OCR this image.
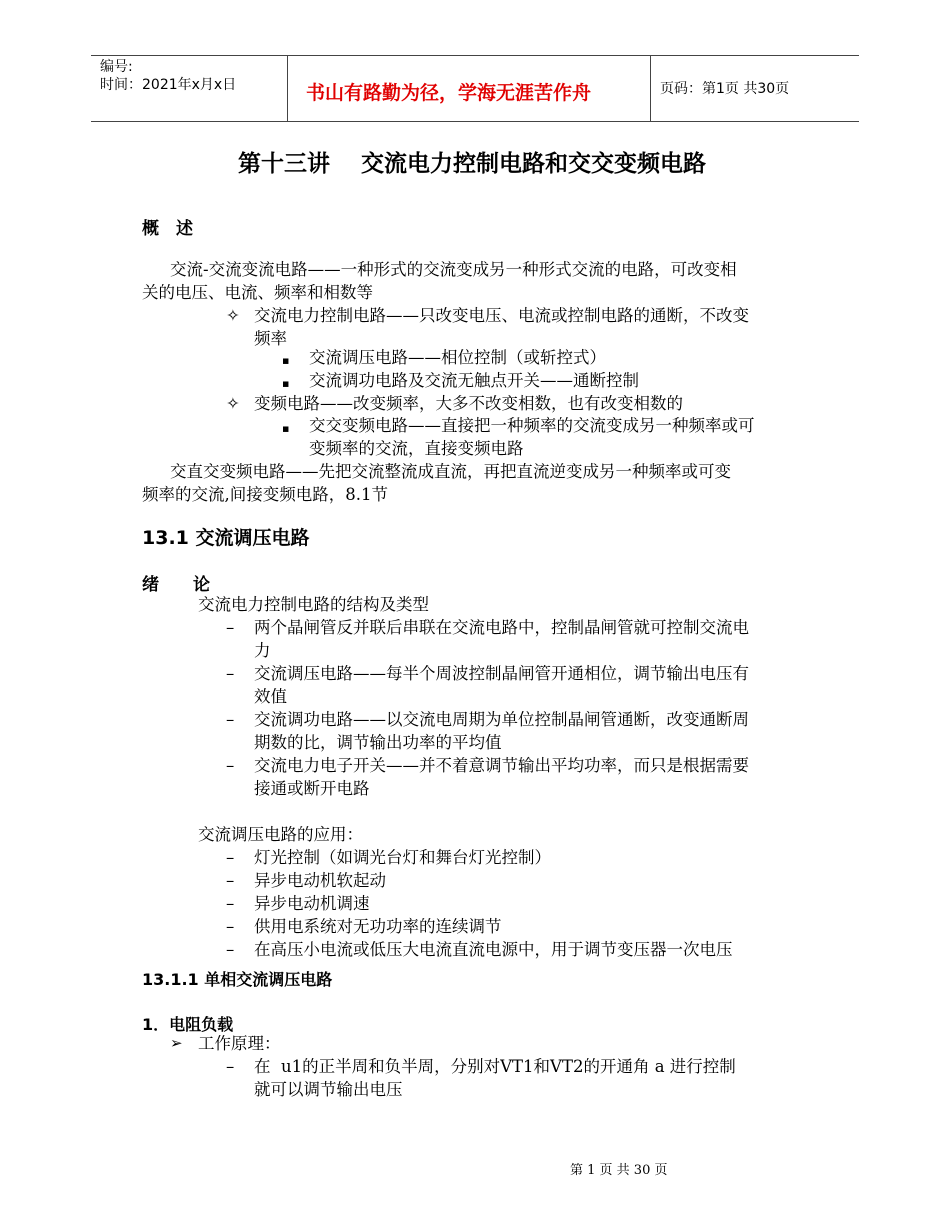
编号:
时间：2021年x月x日	书山有路勤为径，学海无涯苦作舟	页码：第1页 共30页
第十三讲　 交流电力控制电路和交交变频电路
概　述
交流-交流变流电路——一种形式的交流变成另一种形式交流的电路，可改变相
关的电压、电流、频率和相数等
✧ 交流电力控制电路——只改变电压、电流或控制电路的通断，不改变
频率
▪ 交流调压电路——相位控制（或斩控式）
▪ 交流调功电路及交流无触点开关——通断控制
✧ 变频电路——改变频率，大多不改变相数，也有改变相数的
▪ 交交变频电路——直接把一种频率的交流变成另一种频率或可
变频率的交流，直接变频电路
交直交变频电路——先把交流整流成直流，再把直流逆变成另一种频率或可变
频率的交流,间接变频电路，8.1节
13.1 交流调压电路
绪　　论
交流电力控制电路的结构及类型
– 两个晶闸管反并联后串联在交流电路中，控制晶闸管就可控制交流电
力
– 交流调压电路——每半个周波控制晶闸管开通相位，调节输出电压有
效值
– 交流调功电路——以交流电周期为单位控制晶闸管通断，改变通断周
期数的比，调节输出功率的平均值
– 交流电力电子开关——并不着意调节输出平均功率，而只是根据需要
接通或断开电路
交流调压电路的应用：
– 灯光控制（如调光台灯和舞台灯光控制）
– 异步电动机软起动
– 异步电动机调速
– 供用电系统对无功功率的连续调节
– 在高压小电流或低压大电流直流电源中，用于调节变压器一次电压
13.1.1 单相交流调压电路
1．电阻负载
➢ 工作原理：
– 在  u1的正半周和负半周，分别对VT1和VT2的开通角 a 进行控制
就可以调节输出电压
第 1 页 共 30 页
